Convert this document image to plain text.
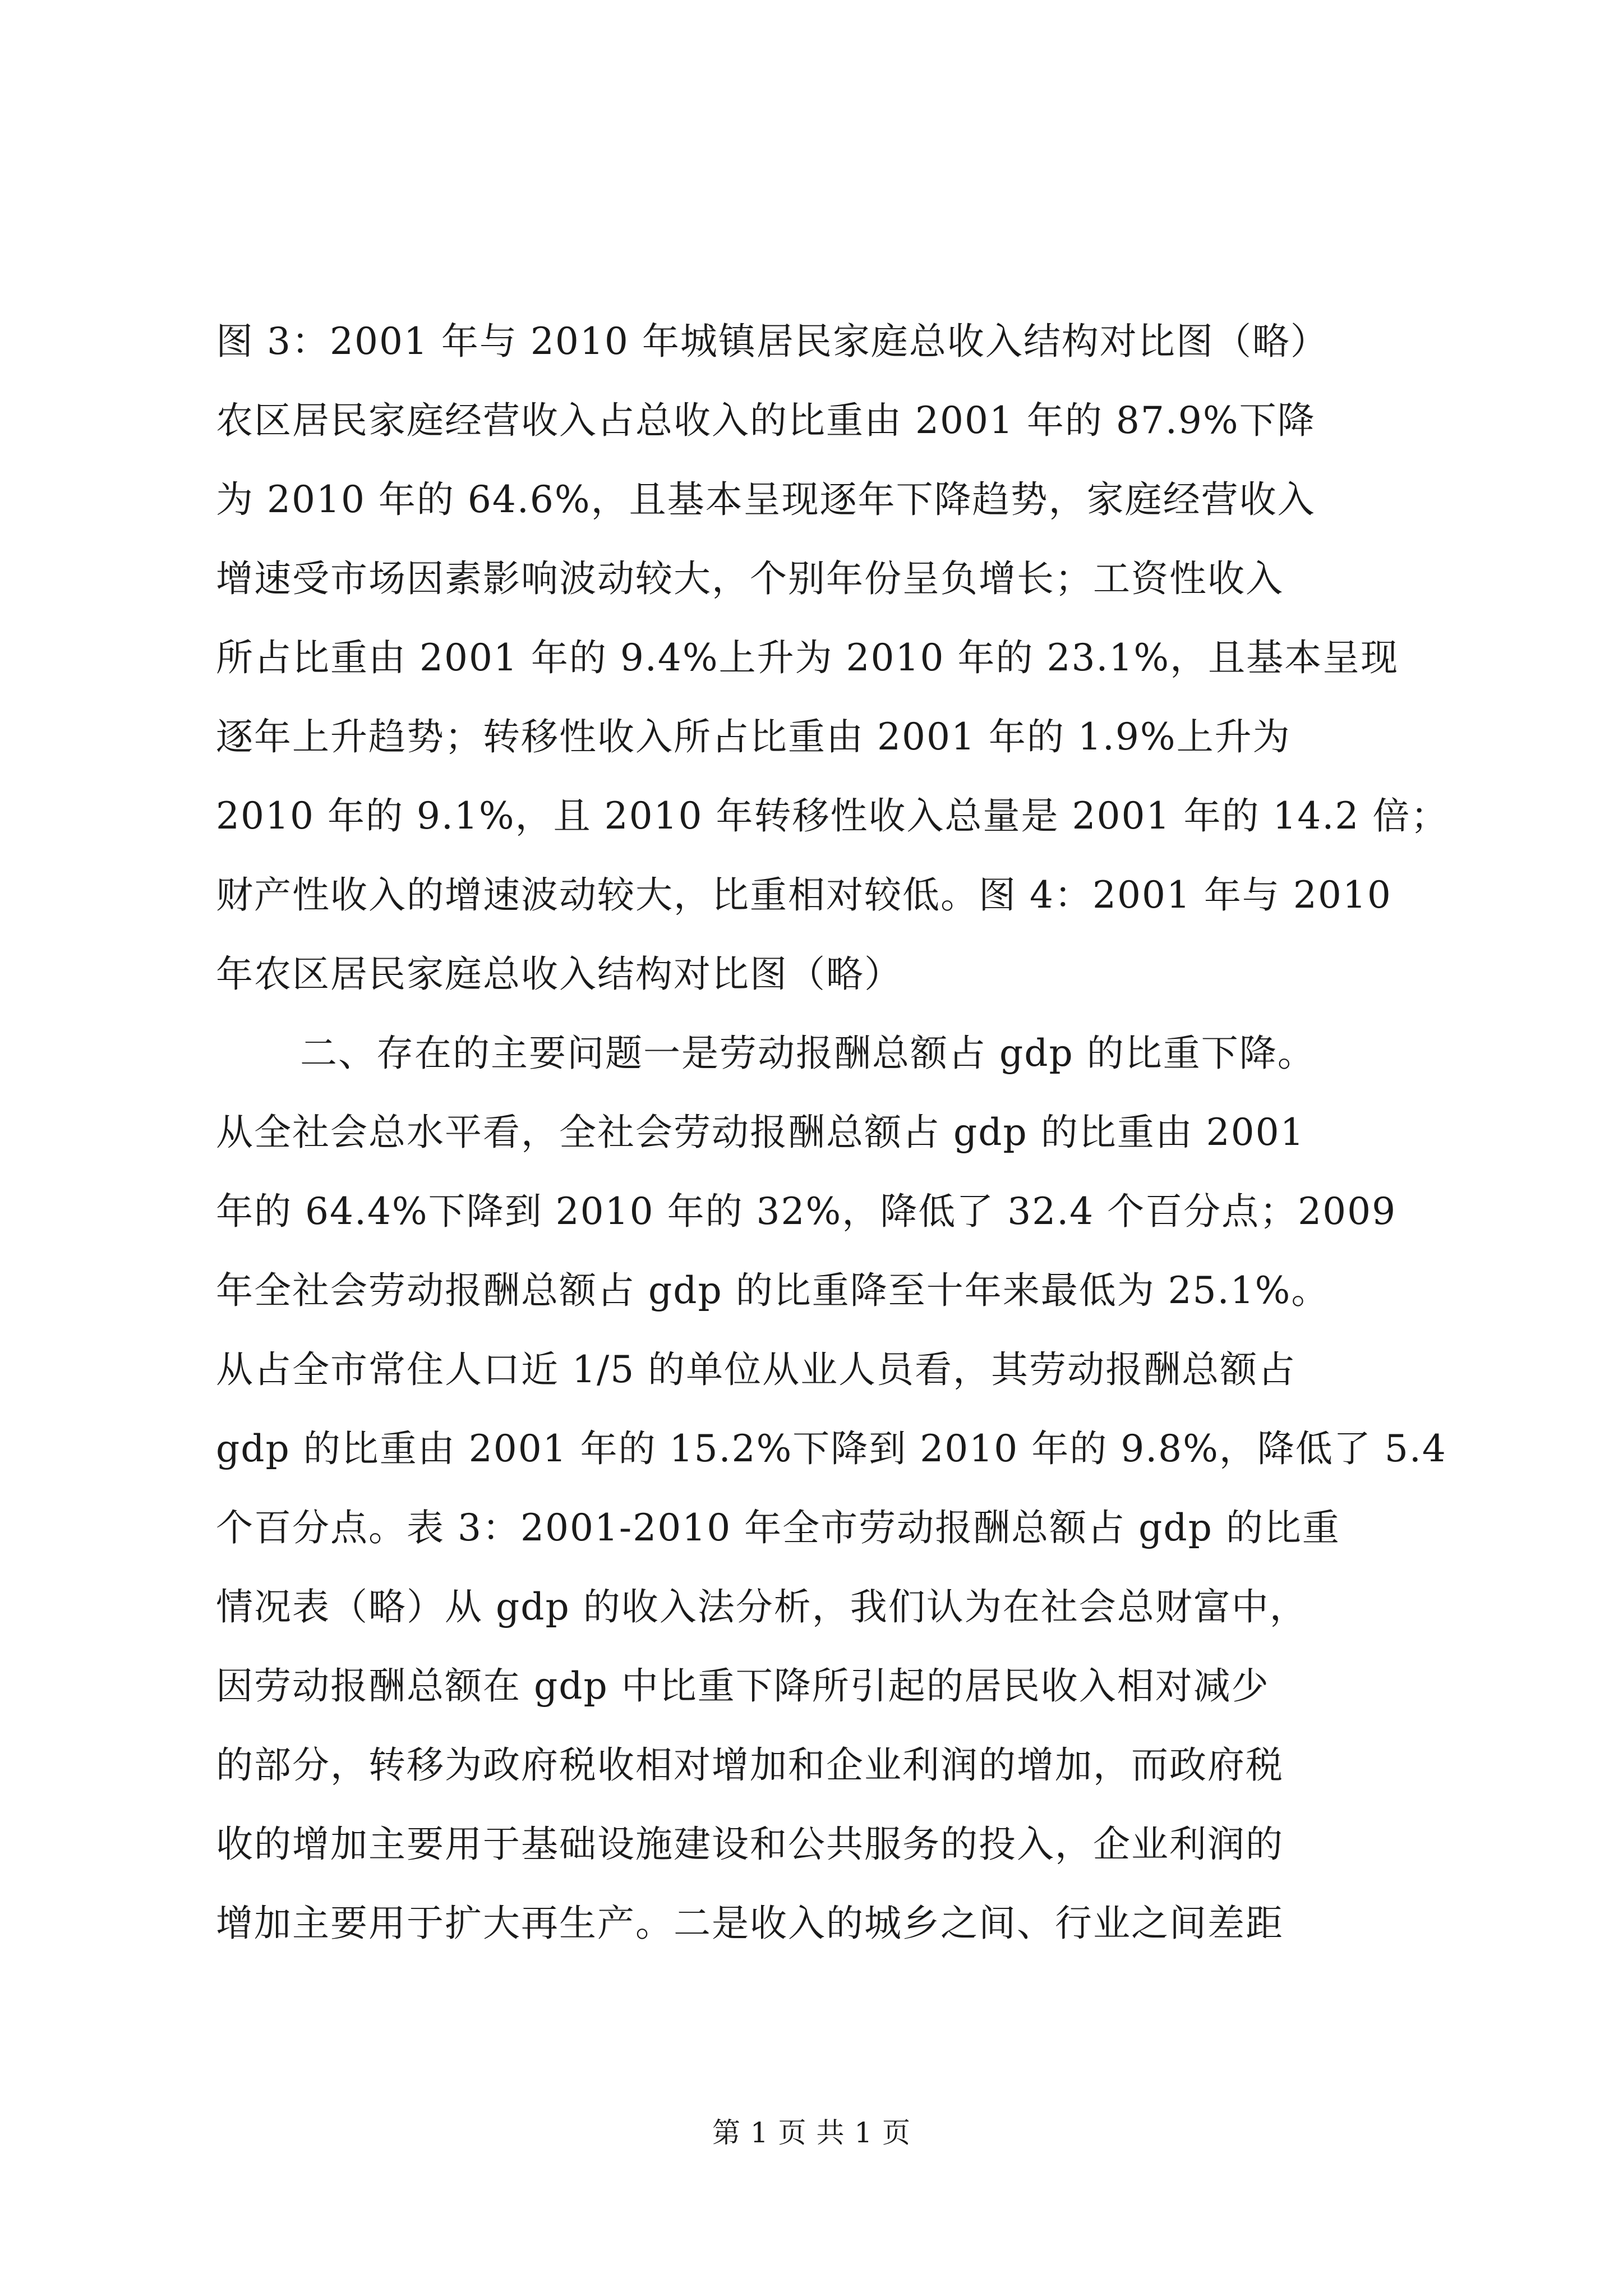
图 3：2001 年与 2010 年城镇居民家庭总收入结构对比图（略）
农区居民家庭经营收入占总收入的比重由 2001 年的 87.9%下降
为 2010 年的 64.6%，且基本呈现逐年下降趋势，家庭经营收入
增速受市场因素影响波动较大，个别年份呈负增长；工资性收入
所占比重由 2001 年的 9.4%上升为 2010 年的 23.1%，且基本呈现
逐年上升趋势；转移性收入所占比重由 2001 年的 1.9%上升为
2010 年的 9.1%，且 2010 年转移性收入总量是 2001 年的 14.2 倍；
财产性收入的增速波动较大，比重相对较低。图 4：2001 年与 2010
年农区居民家庭总收入结构对比图（略）
二、存在的主要问题一是劳动报酬总额占 gdp 的比重下降。
从全社会总水平看，全社会劳动报酬总额占 gdp 的比重由 2001
年的 64.4%下降到 2010 年的 32%，降低了 32.4 个百分点；2009
年全社会劳动报酬总额占 gdp 的比重降至十年来最低为 25.1%。
从占全市常住人口近 1/5 的单位从业人员看，其劳动报酬总额占
gdp 的比重由 2001 年的 15.2%下降到 2010 年的 9.8%，降低了 5.4
个百分点。表 3：2001-2010 年全市劳动报酬总额占 gdp 的比重
情况表（略）从 gdp 的收入法分析，我们认为在社会总财富中，
因劳动报酬总额在 gdp 中比重下降所引起的居民收入相对减少
的部分，转移为政府税收相对增加和企业利润的增加，而政府税
收的增加主要用于基础设施建设和公共服务的投入，企业利润的
增加主要用于扩大再生产。二是收入的城乡之间、行业之间差距
第 1 页 共 1 页
